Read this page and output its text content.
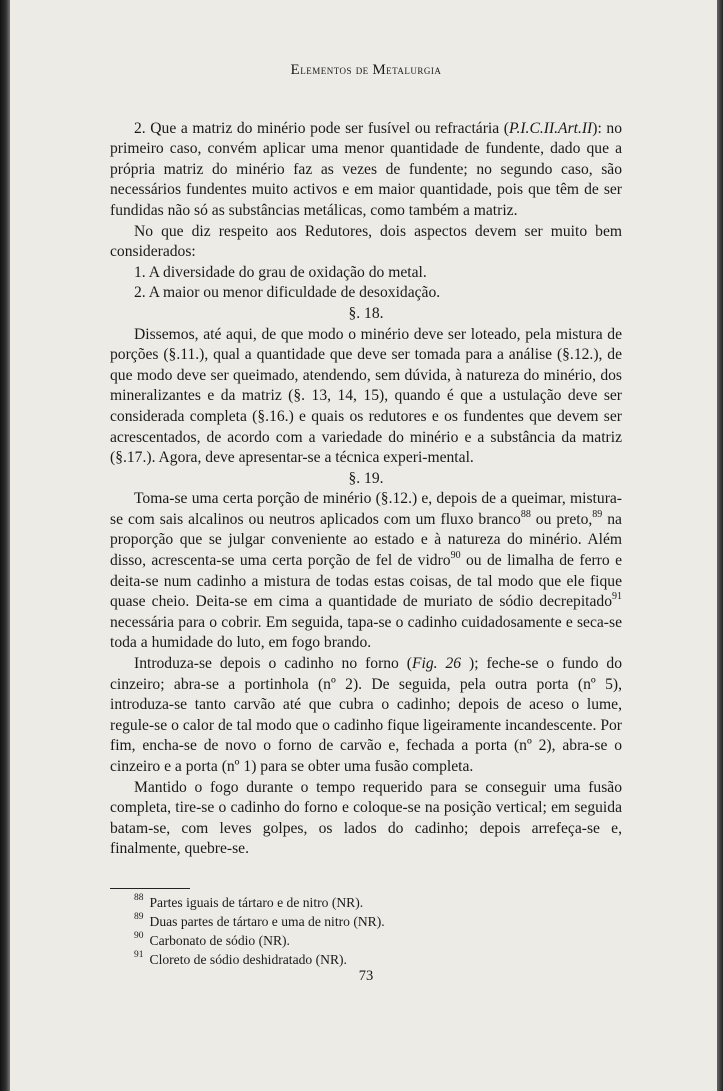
Elementos de Metalurgia

2. Que a matriz do minério pode ser fusível ou refractária (P.I.C.II.Art.II): no primeiro caso, convém aplicar uma menor quantidade de fundente, dado que a própria matriz do minério faz as vezes de fundente; no segundo caso, são necessários fundentes muito activos e em maior quantidade, pois que têm de ser fundidas não só as substâncias metálicas, como também a matriz.

No que diz respeito aos Redutores, dois aspectos devem ser muito bem considerados:

1. A diversidade do grau de oxidação do metal.

2. A maior ou menor dificuldade de desoxidação.

§. 18.

Dissemos, até aqui, de que modo o minério deve ser loteado, pela mistura de porções (§.11.), qual a quantidade que deve ser tomada para a análise (§.12.), de que modo deve ser queimado, atendendo, sem dúvida, à natureza do minério, dos mineralizantes e da matriz (§. 13, 14, 15), quando é que a ustulação deve ser considerada completa (§.16.) e quais os redutores e os fundentes que devem ser acrescentados, de acordo com a variedade do minério e a substância da matriz (§.17.). Agora, deve apresentar-se a técnica experi-mental.

§. 19.

Toma-se uma certa porção de minério (§.12.) e, depois de a queimar, mistura-se com sais alcalinos ou neutros aplicados com um fluxo branco$^{88}$ ou preto,$^{89}$ na proporção que se julgar conveniente ao estado e à natureza do minério. Além disso, acrescenta-se uma certa porção de fel de vidro$^{90}$ ou de limalha de ferro e deita-se num cadinho a mistura de todas estas coisas, de tal modo que ele fique quase cheio. Deita-se em cima a quantidade de muriato de sódio decrepitado$^{91}$ necessária para o cobrir. Em seguida, tapa-se o cadinho cuidadosamente e seca-se toda a humidade do luto, em fogo brando.

Introduza-se depois o cadinho no forno (Fig. 26 ); feche-se o fundo do cinzeiro; abra-se a portinhola (nº 2). De seguida, pela outra porta (nº 5), introduza-se tanto carvão até que cubra o cadinho; depois de aceso o lume, regule-se o calor de tal modo que o cadinho fique ligeiramente incandescente. Por fim, encha-se de novo o forno de carvão e, fechada a porta (nº 2), abra-se o cinzeiro e a porta (nº 1) para se obter uma fusão completa.

Mantido o fogo durante o tempo requerido para se conseguir uma fusão completa, tire-se o cadinho do forno e coloque-se na posição vertical; em seguida batam-se, com leves golpes, os lados do cadinho; depois arrefeça-se e, finalmente, quebre-se.

$^{88}$ Partes iguais de tártaro e de nitro (NR).
$^{89}$ Duas partes de tártaro e uma de nitro (NR).
$^{90}$ Carbonato de sódio (NR).
$^{91}$ Cloreto de sódio deshidratado (NR).
73
